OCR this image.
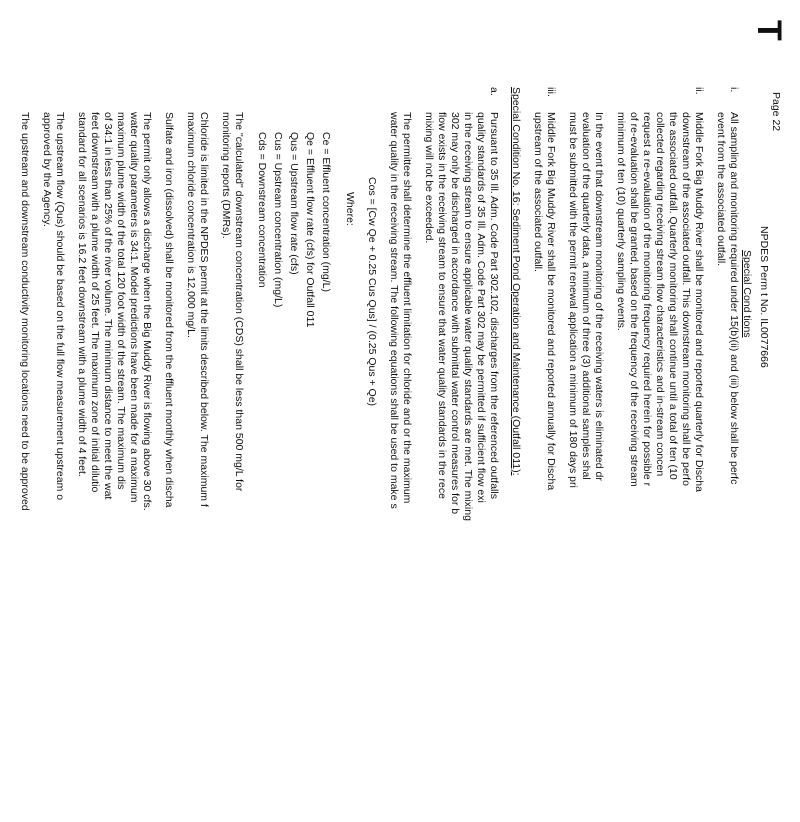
T
Page 22
NPDES Perm t No. IL0077666
Special Cond tions
i.
All sampling and monitoring required under 15(b)(ii) and (iii) below shall be perfc
event from the associated outfall.
ii.
Middle Fork Big Muddy River shall be monitored and reported quarterly for Discha
downstream of the associated outfall. This downstream monitoring shall be perfo
the associated outfall. Quarterly monitoring shall continue until a total of ten (10
collected regarding receiving stream flow characteristics and in-stream concen
request a re-evaluation of the monitoring frequency required herein for possible r
of re-evaluation shall be granted, based on the frequency of the receiving stream
minimum of ten (10) quarterly sampling events.
In the event that downstream monitoring of the receiving waters is eliminated dr
evaluation of the quarterly data, a minimum of three (3) additional samples shal
must be submitted with the permit renewal application a minimum of 180 days pri
iii.
Middle Fork Big Muddy River shall be monitored and reported annually for Discha
upstream of the associated outfall.
Special Condition No. 16: Sediment Pond Operation and Maintenance (Outfall 011):
a.
Pursuant to 35 Ill. Adm. Code Part 302.102, discharges from the referenced outfalls
quality standards of 35 Ill. Adm. Code Part 302 may be permitted if sufficient flow exi
in the receiving stream to ensure applicable water quality standards are met. The mixing
302 may only be discharged in accordance with submittal water control measures for b
flow exists in the receiving stream to ensure that water quality standards in the rece
mixing will not be exceeded.
The permittee shall determine the effluent limitation for chloride and or the maximum
water quality in the receiving stream. The following equations shall be used to make s
Cos = [Cw Qe + 0.25 Cus Qus] / (0.25 Qus + Qe)
Where:
Ce = Effluent concentration (mg/L)
Qe = Effluent flow rate (cfs) for Outfall 011
Qus = Upstream flow rate (cfs)
Cus = Upstream concentration (mg/L)
Cds = Downstream concentration
The "calculated" downstream concentration (CDS) shall be less than 500 mg/L for
monitoring reports (DMRs).
Chloride is limited in the NPDES permit at the limits described below. The maximum f
maximum chloride concentration is 12,000 mg/L.
Sulfate and iron (dissolved) shall be monitored from the effluent monthly when discha
The permit only allows a discharge when the Big Muddy River is flowing above 30 cfs.
water quality parameters is 34:1. Model predictions have been made for a maximum
maximum plume width of the total 120 foot width of the stream. The maximum dis
of 34:1 in less than 25% of the river volume. The minimum distance to meet the wat
feet downstream with a plume width of 25 feet. The maximum zone of initial dilutio
standard for all scenarios is 16.2 feet downstream with a plume width of 4 feet.
The upstream flow (Qus) should be based on the full flow measurement upstream o
approved by the Agency.
The upstream and downstream conductivity monitoring locations need to be approved
